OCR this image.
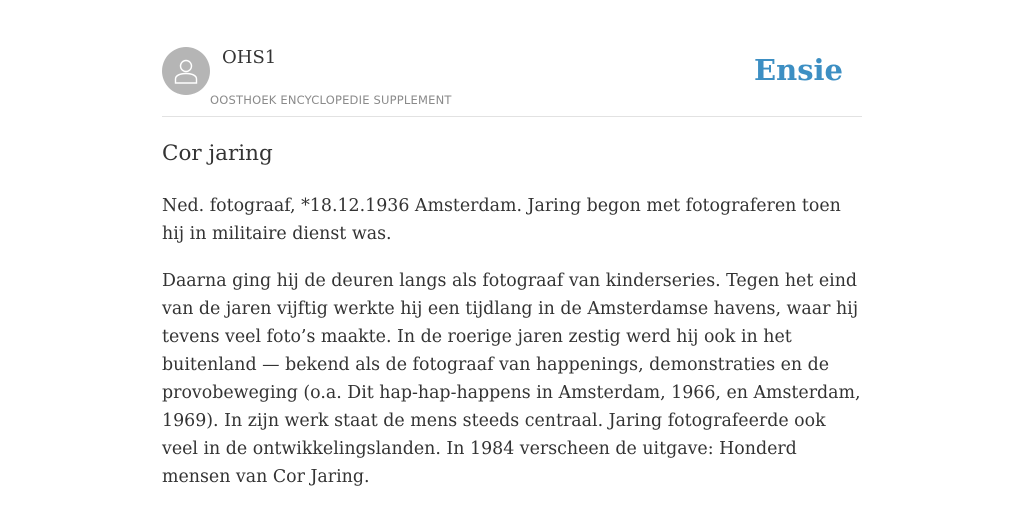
OHS1
OOSTHOEK ENCYCLOPEDIE SUPPLEMENT
Ensie
Cor jaring

Ned. fotograaf, *18.12.1936 Amsterdam. Jaring begon met fotograferen toen hij in militaire dienst was.

Daarna ging hij de deuren langs als fotograaf van kinderseries. Tegen het eind van de jaren vijftig werkte hij een tijdlang in de Amsterdamse havens, waar hij tevens veel foto’s maakte. In de roerige jaren zestig werd hij ook in het buitenland — bekend als de fotograaf van happenings, demonstraties en de provobeweging (o.a. Dit hap-hap-happens in Amsterdam, 1966, en Amsterdam, 1969). In zijn werk staat de mens steeds centraal. Jaring fotografeerde ook veel in de ontwikkelingslanden. In 1984 verscheen de uitgave: Honderd mensen van Cor Jaring.
